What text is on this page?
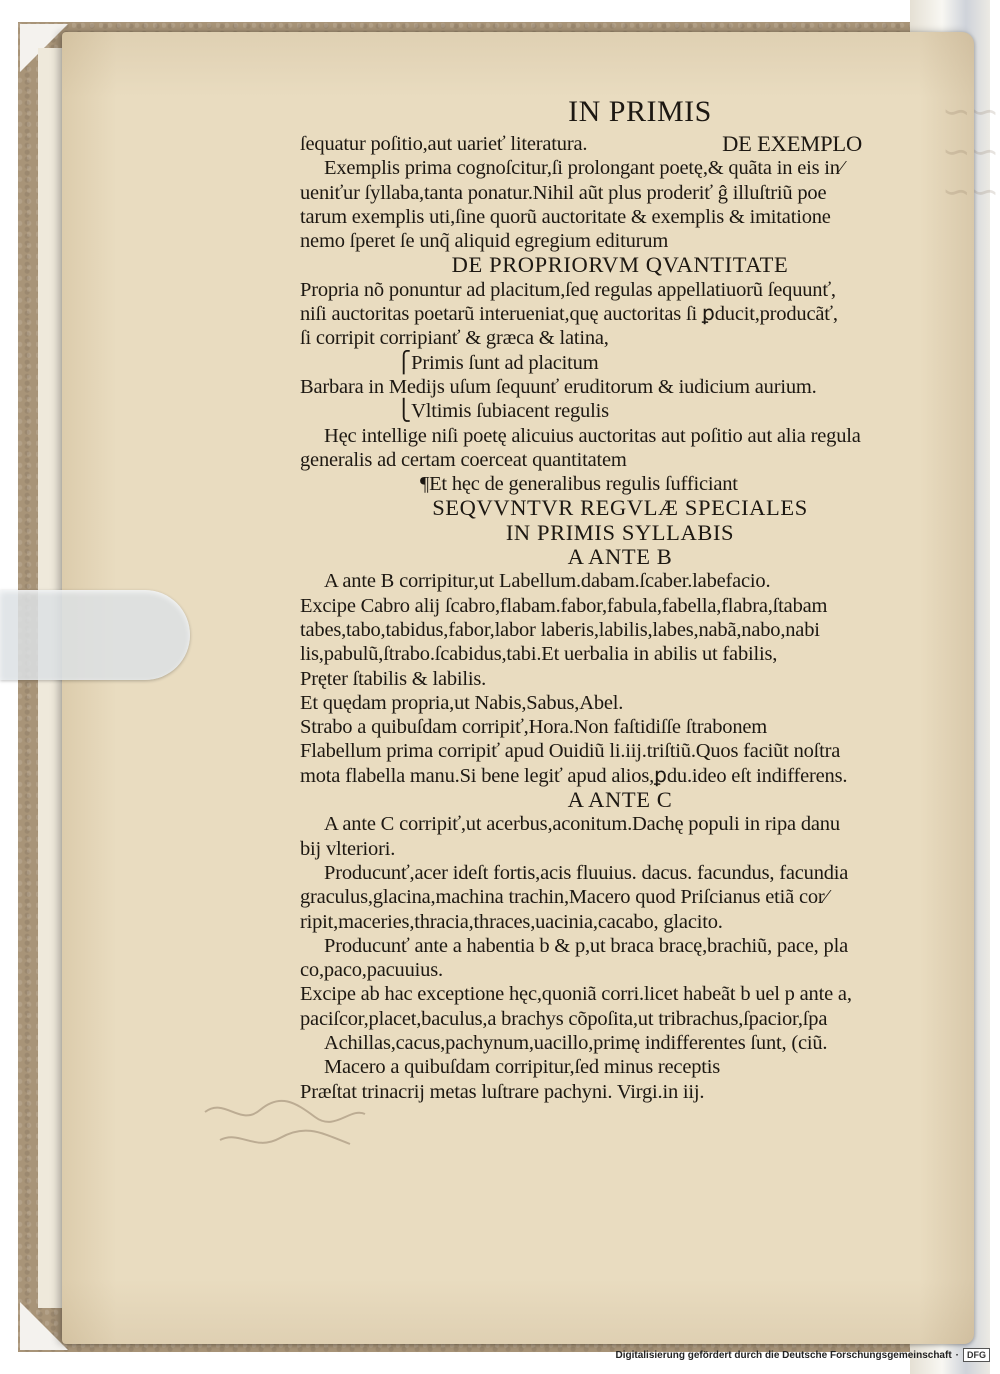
∽∽
∽∽
∽∽
IN PRIMIS
ſequatur poſitio,aut uarieť literatura.	DE EXEMPLO
Exemplis prima cognoſcitur,ſi prolongant poetę,& quãta in eis in⁄
ueniťur ſyllaba,tanta ponatur.Nihil aũt plus proderiť ĝ illuſtriũ poe
tarum exemplis uti,ſine quorũ auctoritate & exemplis & imitatione
nemo ſperet ſe unq̃ aliquid egregium editurum
DE PROPRIORVM QVANTITATE
Propria nõ ponuntur ad placitum,ſed regulas appellatiuorũ ſequunť,
niſi auctoritas poetarũ interueniat,quę auctoritas ſi ꝑducit,producãť,
ſi corripit corripianť & græca & latina,
⎧Primis ſunt ad placitum
Barbara in Medijs uſum ſequunť eruditorum & iudicium aurium.
⎩Vltimis ſubiacent regulis
Hęc intellige niſi poetę alicuius auctoritas aut poſitio aut alia regula
generalis ad certam coerceat quantitatem
¶Et hęc de generalibus regulis ſufficiant
SEQVVNTVR REGVLÆ SPECIALES
IN PRIMIS SYLLABIS
A ANTE B
A ante B corripitur,ut Labellum.dabam.ſcaber.labefacio.
Excipe Cabro alij ſcabro,flabam.fabor,fabula,fabella,flabra,ſtabam
tabes,tabo,tabidus,fabor,labor laberis,labilis,labes,nabã,nabo,nabi
lis,pabulũ,ſtrabo.ſcabidus,tabi.Et uerbalia in abilis ut fabilis,
Pręter ſtabilis & labilis.
Et quędam propria,ut Nabis,Sabus,Abel.
Strabo a quibuſdam corripiť,Hora.Non faſtidiſſe ſtrabonem
Flabellum prima corripiť apud Ouidiũ li.iij.triſtiũ.Quos faciũt noſtra
mota flabella manu.Si bene legiť apud alios,ꝑdu.ideo eſt indifferens.
A ANTE C
A ante C corripiť,ut acerbus,aconitum.Dachę populi in ripa danu
bij vlteriori.
Producunť,acer ideſt fortis,acis fluuius. dacus. facundus, facundia
graculus,glacina,machina trachin,Macero quod Priſcianus etiã cor⁄
ripit,maceries,thracia,thraces,uacinia,cacabo, glacito.
Producunť ante a habentia b & p,ut braca bracę,brachiũ, pace, pla
co,paco,pacuuius.
Excipe ab hac exceptione hęc,quoniã corri.licet habeãt b uel p ante a,
paciſcor,placet,baculus,a brachys cõpoſita,ut tribrachus,ſpacior,ſpa
Achillas,cacus,pachynum,uacillo,primę indifferentes ſunt, (ciũ.
Macero a quibuſdam corripitur,ſed minus receptis
Præſtat trinacrij metas luſtrare pachyni. Virgi.in iij.
Digitalisierung gefördert durch die Deutsche Forschungsgemeinschaft · DFG
